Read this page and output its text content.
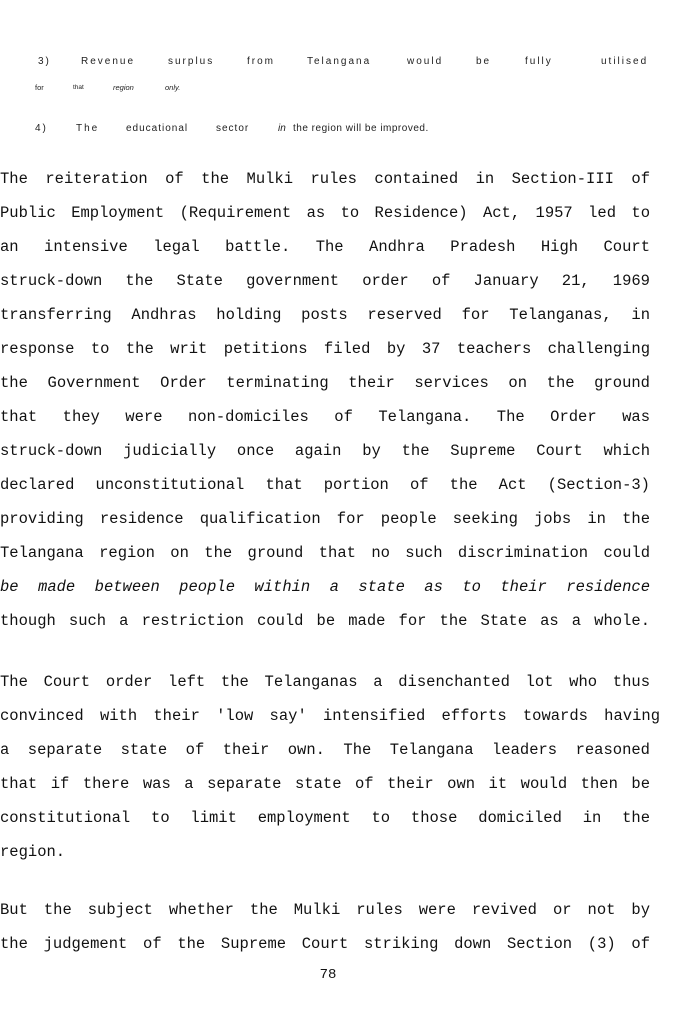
3)	Revenue	surplus	from	Telangana	would	be	fully	utilised
for	that	region	only.
4)	The	educational	sector	in the region will be improved.
The reiteration of the Mulki rules contained in Section-III of
Public Employment (Requirement as to Residence) Act, 1957 led to
an intensive legal battle. The Andhra Pradesh High Court
struck-down the State government order of January 21, 1969
transferring Andhras holding posts reserved for Telanganas, in
response to the writ petitions filed by 37 teachers challenging
the Government Order terminating their services on the ground
that they were non-domiciles of Telangana. The Order was
struck-down judicially once again by the Supreme Court which
declared unconstitutional that portion of the Act (Section-3)
providing residence qualification for people seeking jobs in the
Telangana region on the ground that no such discrimination could
be made between people within a state as to their residence
though such a restriction could be made for the State as a whole.
The Court order left the Telanganas a disenchanted lot who thus
convinced with their 'low say' intensified efforts towards having
a separate state of their own. The Telangana leaders reasoned
that if there was a separate state of their own it would then be
constitutional to limit employment to those domiciled in the
region.
But the subject whether the Mulki rules were revived or not by
the judgement of the Supreme Court striking down Section (3) of
78
